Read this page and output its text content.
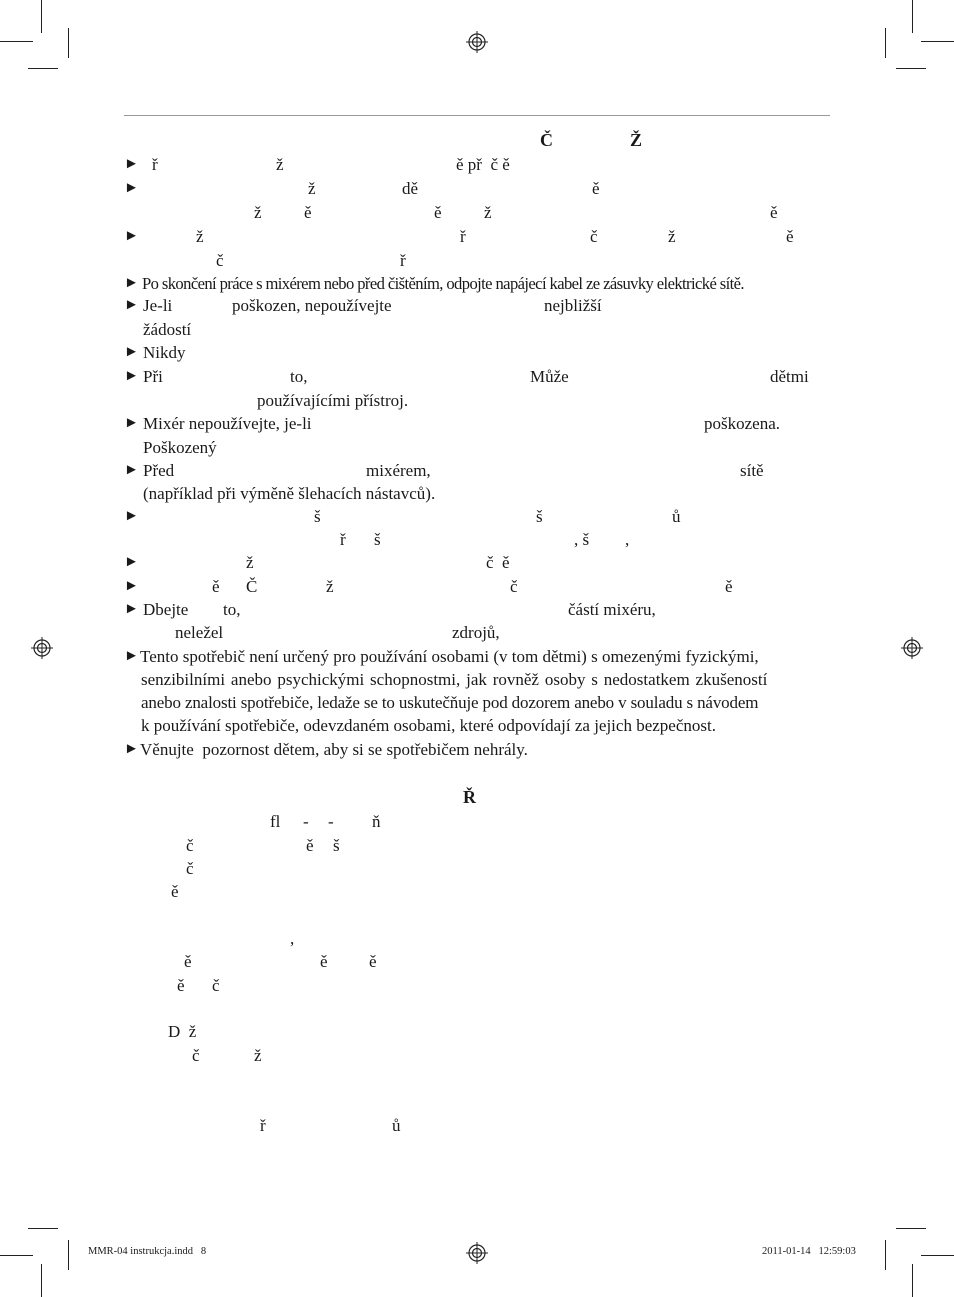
Č	Ž

►

ř

	ž

	ě př  č ě

►

	ž

	dě

	ě

ž

ě

	ě

ž

	ě

►

	ž

	ř

	č

	ž

	ě

č

	ř

►

Po skončení práce s mixérem nebo před čištěním, odpojte napájecí kabel ze zásuvky elektrické sítě.

►

Je-li

	poškozen, nepoužívejte

	nejbližší

žádostí

►

Nikdy

►

Při

	to,

	Může

	dětmi

používajícími přístroj.

►

Mixér nepoužívejte, je-li

	poškozena.

Poškozený

►

Před

	mixérem,

	sítě

(například při výměně šlehacích nástavců).

►

	š

	š

	ů

ř

š

	, š

,

►

	ž

	č  ě

►

	ě

Č

	ž

	č

	ě

►

Dbejte

to,

	částí mixéru,

neležel

	zdrojů,

►

Tento spotřebič není určený pro používání osobami (v tom dětmi) s omezenými fyzickými,

senzibilními anebo psychickými schopnostmi, jak rovněž osoby s nedostatkem zkušeností

anebo znalosti spotřebiče, ledaže se to uskutečňuje pod dozorem anebo v souladu s návodem

k používání spotřebiče, odevzdaném osobami, které odpovídají za jejich bezpečnost.

►

Věnujte  pozornost dětem, aby si se spotřebičem nehrály.

Ř

fl

-

-

ň

č

	ě

š

č

ě

,

ě

	ě

ě

ě

č

D  ž

č

	ž

ř

	ů

MMR-04 instrukcja.indd   8	2011-01-14   12:59:03
